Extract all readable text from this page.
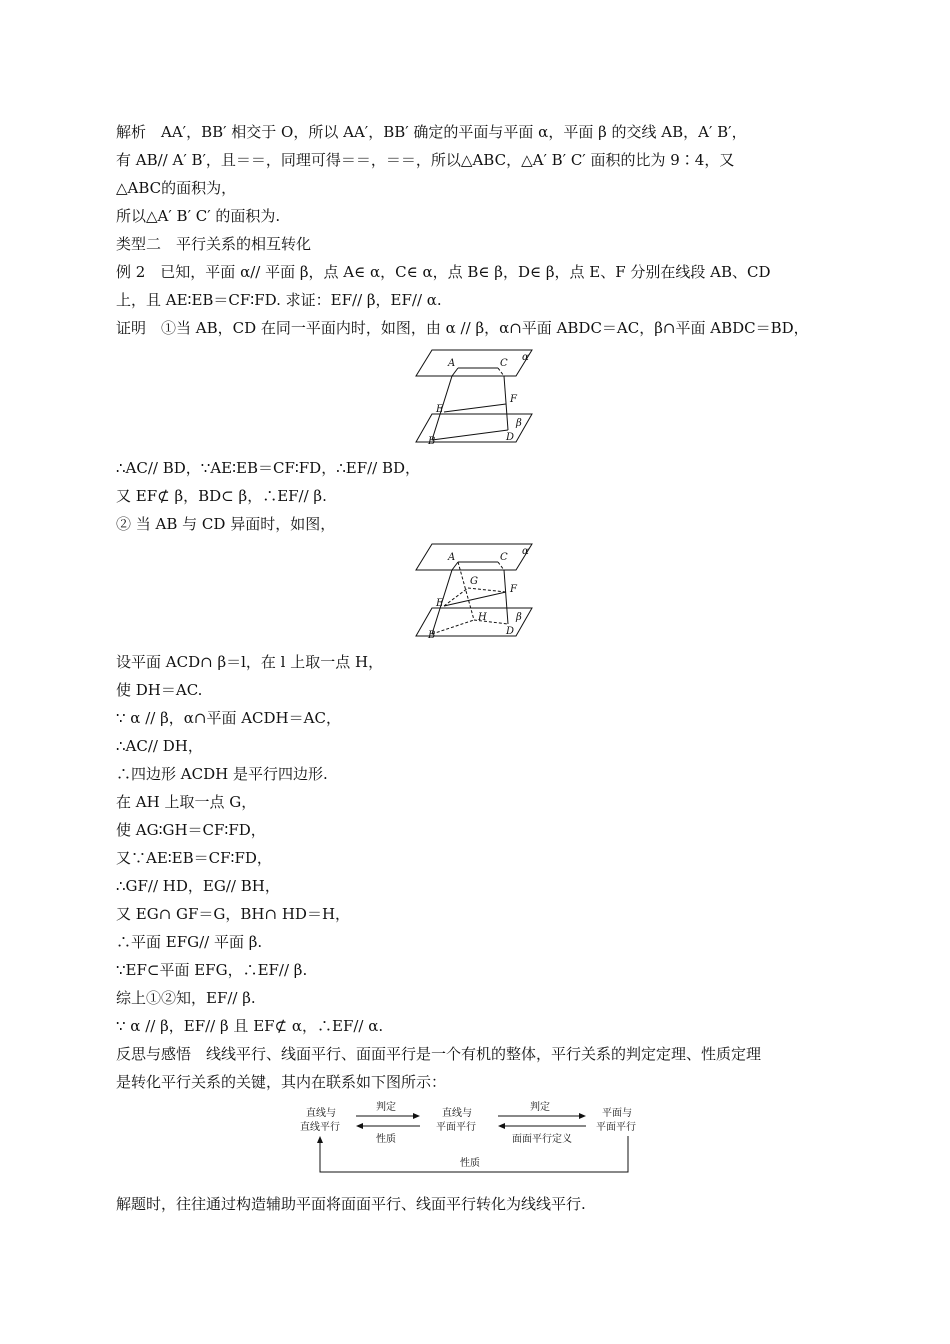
解析　AA′，BB′ 相交于 O，所以 AA′，BB′ 确定的平面与平面 α，平面 β 的交线 AB，A′ B′，
有 AB// A′ B′，且＝＝，同理可得＝＝，＝＝，所以△ABC，△A′ B′ C′ 面积的比为 9∶4，又
△ABC的面积为，
所以△A′ B′ C′ 的面积为.
类型二　平行关系的相互转化
例 2　已知，平面 α// 平面 β，点 A∈ α，C∈ α，点 B∈ β，D∈ β，点 E、F 分别在线段 AB、CD
上，且 AE∶EB＝CF∶FD. 求证：EF// β，EF// α.
证明　①当 AB，CD 在同一平面内时，如图，由 α // β，α∩平面 ABDC＝AC，β∩平面 ABDC＝BD，
A	C
α
E
F
B	D
β
∴AC// BD，∵AE∶EB＝CF∶FD，∴EF// BD，
又 EF⊄ β，BD⊂ β，∴EF// β.
② 当 AB 与 CD 异面时，如图，
A	C
α
G
F
E
H
B	D
β
设平面 ACD∩ β＝l，在 l 上取一点 H，
使 DH＝AC.
∵ α // β，α∩平面 ACDH＝AC，
∴AC// DH，
∴四边形 ACDH 是平行四边形.
在 AH 上取一点 G，
使 AG∶GH＝CF∶FD，
又∵AE∶EB＝CF∶FD，
∴GF// HD，EG// BH，
又 EG∩ GF＝G，BH∩ HD＝H，
∴平面 EFG// 平面 β.
∵EF⊂平面 EFG，∴EF// β.
综上①②知，EF// β.
∵ α // β，EF// β 且 EF⊄ α，∴EF// α.
反思与感悟　线线平行、线面平行、面面平行是一个有机的整体，平行关系的判定定理、性质定理
是转化平行关系的关键，其内在联系如下图所示：
直线与
直线平行
直线与
平面平行
平面与
平面平行
判定
性质
判定
面面平行定义
性质
解题时，往往通过构造辅助平面将面面平行、线面平行转化为线线平行.
